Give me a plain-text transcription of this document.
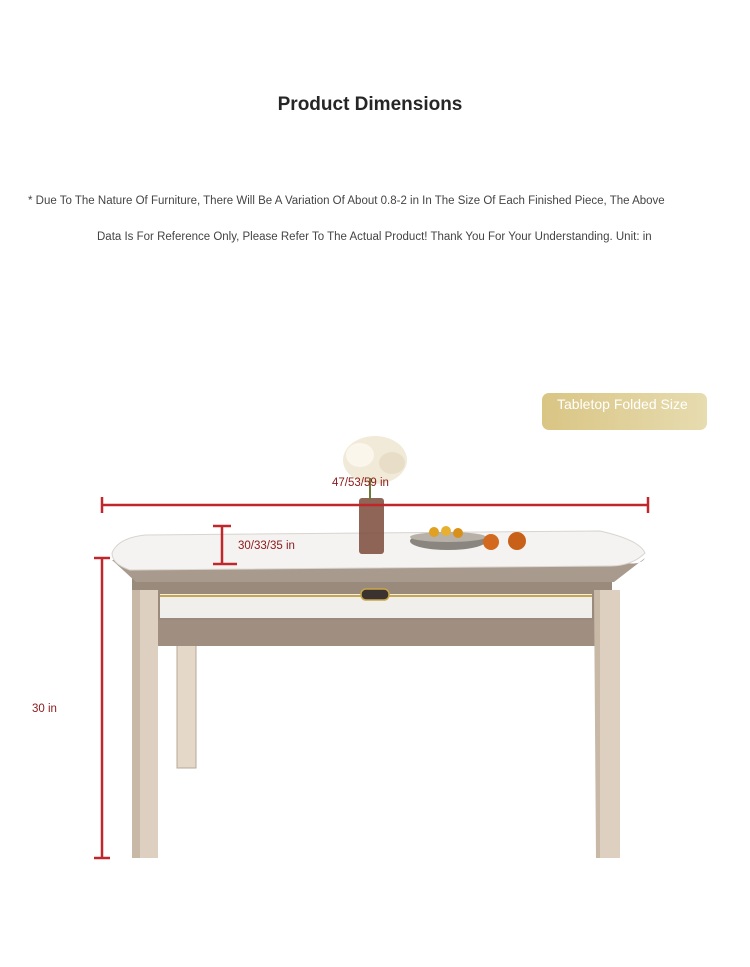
Product Dimensions
* Due To The Nature Of Furniture, There Will Be A Variation Of About 0.8-2 in In The Size Of Each Finished Piece, The Above
Data Is For Reference Only, Please Refer To The Actual Product! Thank You For Your Understanding. Unit: in
Tabletop Folded Size
47/53/59 in
30/33/35 in
30 in
